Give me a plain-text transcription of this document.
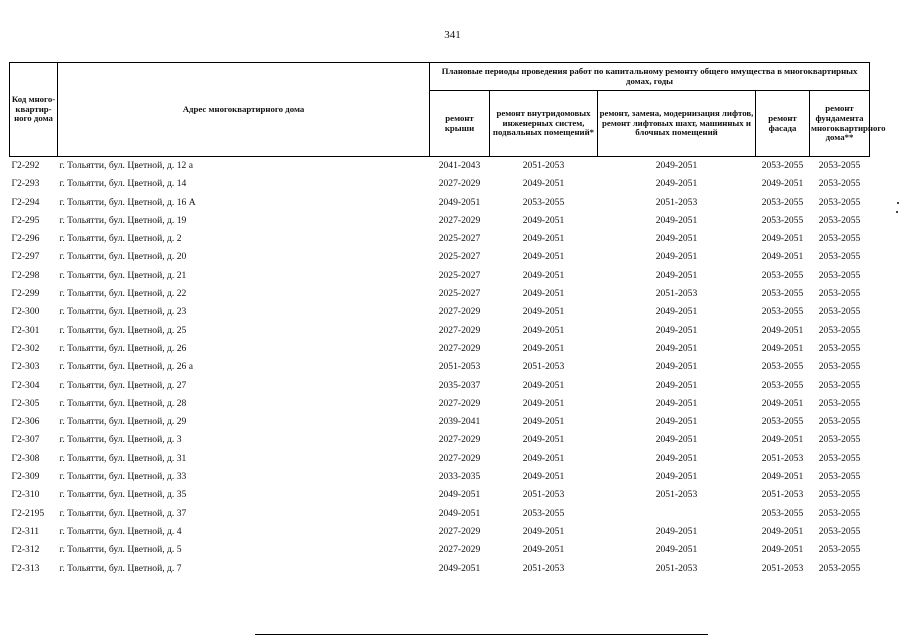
341
Код много-квартир-ного дома	Адрес многоквартирного дома	Плановые периоды проведения работ по капитальному ремонту общего имущества в многоквартирных домах, годы				
		ремонт крыши	ремонт внутридомовых инженерных систем, подвальных помещений*	ремонт, замена, модернизация лифтов, ремонт лифтовых шахт, машинных и блочных помещений	ремонт фасада	ремонт фундамента многоквартирного дома**
Г2-292	г. Тольятти, бул. Цветной, д. 12 а	2041-2043	2051-2053	2049-2051	2053-2055	2053-2055
Г2-293	г. Тольятти, бул. Цветной, д. 14	2027-2029	2049-2051	2049-2051	2049-2051	2053-2055
Г2-294	г. Тольятти, бул. Цветной, д. 16 А	2049-2051	2053-2055	2051-2053	2053-2055	2053-2055
Г2-295	г. Тольятти, бул. Цветной, д. 19	2027-2029	2049-2051	2049-2051	2053-2055	2053-2055
Г2-296	г. Тольятти, бул. Цветной, д. 2	2025-2027	2049-2051	2049-2051	2049-2051	2053-2055
Г2-297	г. Тольятти, бул. Цветной, д. 20	2025-2027	2049-2051	2049-2051	2049-2051	2053-2055
Г2-298	г. Тольятти, бул. Цветной, д. 21	2025-2027	2049-2051	2049-2051	2053-2055	2053-2055
Г2-299	г. Тольятти, бул. Цветной, д. 22	2025-2027	2049-2051	2051-2053	2053-2055	2053-2055
Г2-300	г. Тольятти, бул. Цветной, д. 23	2027-2029	2049-2051	2049-2051	2053-2055	2053-2055
Г2-301	г. Тольятти, бул. Цветной, д. 25	2027-2029	2049-2051	2049-2051	2049-2051	2053-2055
Г2-302	г. Тольятти, бул. Цветной, д. 26	2027-2029	2049-2051	2049-2051	2049-2051	2053-2055
Г2-303	г. Тольятти, бул. Цветной, д. 26 а	2051-2053	2051-2053	2049-2051	2053-2055	2053-2055
Г2-304	г. Тольятти, бул. Цветной, д. 27	2035-2037	2049-2051	2049-2051	2053-2055	2053-2055
Г2-305	г. Тольятти, бул. Цветной, д. 28	2027-2029	2049-2051	2049-2051	2049-2051	2053-2055
Г2-306	г. Тольятти, бул. Цветной, д. 29	2039-2041	2049-2051	2049-2051	2053-2055	2053-2055
Г2-307	г. Тольятти, бул. Цветной, д. 3	2027-2029	2049-2051	2049-2051	2049-2051	2053-2055
Г2-308	г. Тольятти, бул. Цветной, д. 31	2027-2029	2049-2051	2049-2051	2051-2053	2053-2055
Г2-309	г. Тольятти, бул. Цветной, д. 33	2033-2035	2049-2051	2049-2051	2049-2051	2053-2055
Г2-310	г. Тольятти, бул. Цветной, д. 35	2049-2051	2051-2053	2051-2053	2051-2053	2053-2055
Г2-2195	г. Тольятти, бул. Цветной, д. 37	2049-2051	2053-2055		2053-2055	2053-2055
Г2-311	г. Тольятти, бул. Цветной, д. 4	2027-2029	2049-2051	2049-2051	2049-2051	2053-2055
Г2-312	г. Тольятти, бул. Цветной, д. 5	2027-2029	2049-2051	2049-2051	2049-2051	2053-2055
Г2-313	г. Тольятти, бул. Цветной, д. 7	2049-2051	2051-2053	2051-2053	2051-2053	2053-2055
